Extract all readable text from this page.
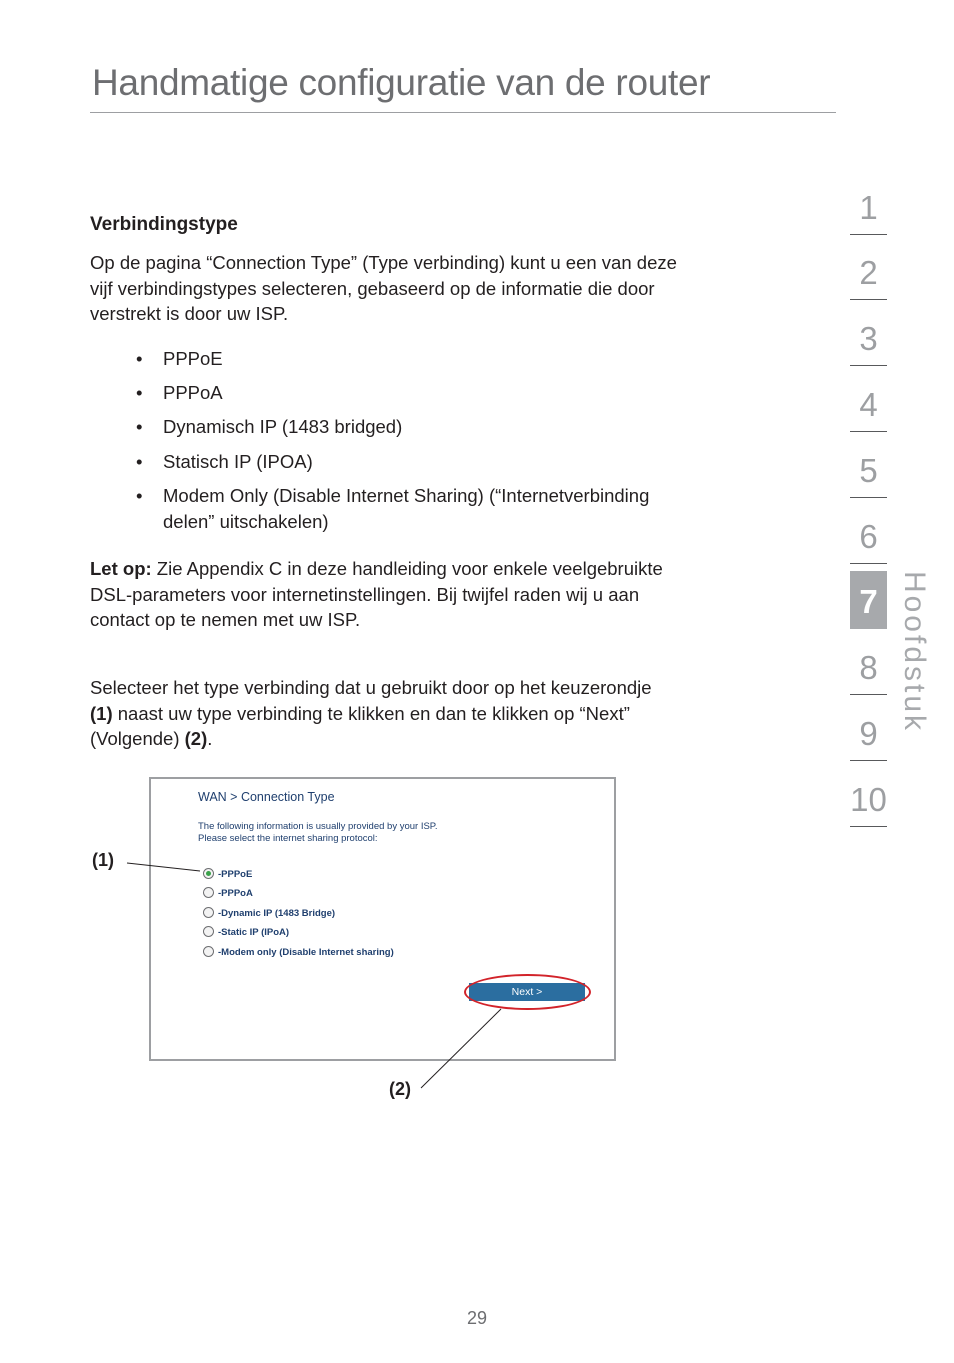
Handmatige configuratie van de router
Verbindingstype
Op de pagina “Connection Type” (Type verbinding) kunt u een van deze
vijf verbindingstypes selecteren, gebaseerd op de informatie die door
verstrekt is door uw ISP.
• PPPoE
• PPPoA
• Dynamisch IP (1483 bridged)
• Statisch IP (IPOA)
• Modem Only (Disable Internet Sharing) (“Internetverbinding
delen” uitschakelen)
Let op: Zie Appendix C in deze handleiding voor enkele veelgebruikte
DSL-parameters voor internetinstellingen. Bij twijfel raden wij u aan
contact op te nemen met uw ISP.
Selecteer het type verbinding dat u gebruikt door op het keuzerondje
(1) naast uw type verbinding te klikken en dan te klikken op “Next”
(Volgende) (2).
WAN > Connection Type
The following information is usually provided by your ISP.
Please select the internet sharing protocol:
-PPPoE
-PPPoA
-Dynamic IP (1483 Bridge)
-Static IP (IPoA)
-Modem only (Disable Internet sharing)
Next >
(1)
(2)
1
2
3
4
5
6
7
8
9
10
Hoofdstuk
29
